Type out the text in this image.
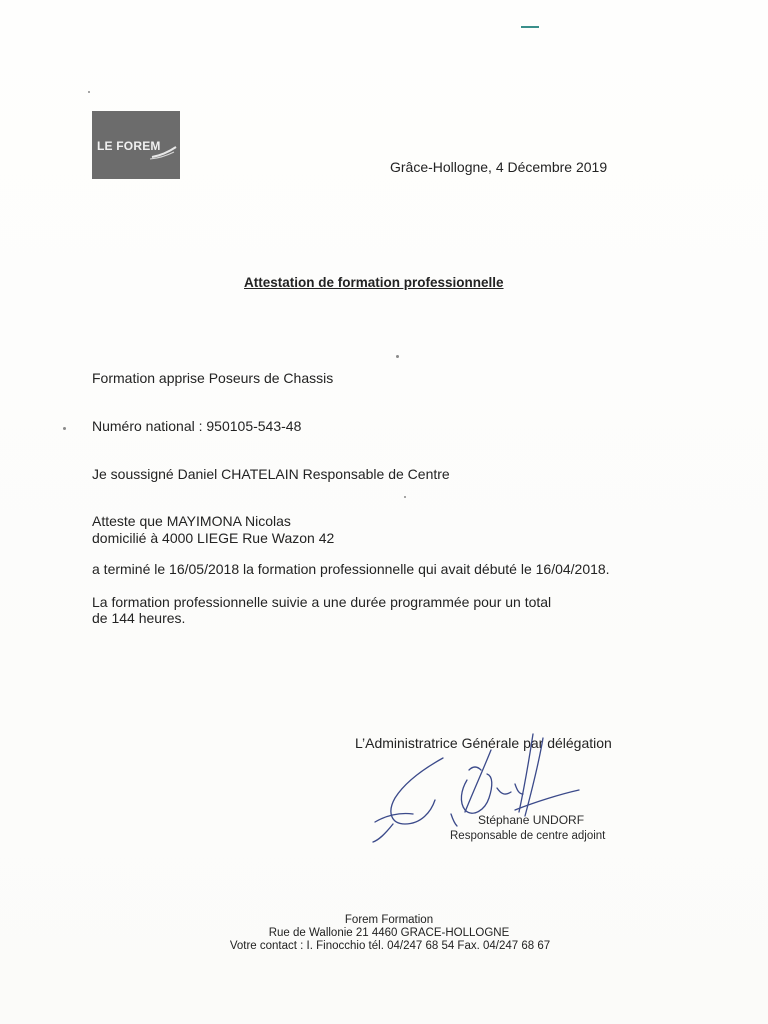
LE FOREM
Grâce-Hollogne, 4 Décembre 2019
Attestation de formation professionnelle
Formation apprise Poseurs de Chassis
Numéro national : 950105-543-48
Je soussigné Daniel CHATELAIN Responsable de Centre
Atteste que MAYIMONA Nicolas
domicilié à 4000 LIEGE Rue Wazon 42
a terminé le 16/05/2018 la formation professionnelle qui avait débuté le 16/04/2018.
La formation professionnelle suivie a une durée programmée pour un total
de 144 heures.
L’Administratrice Générale par délégation
Stéphane UNDORF
Responsable de centre adjoint
Forem Formation
Rue de Wallonie 21 4460 GRACE-HOLLOGNE
Votre contact : I. Finocchio tél. 04/247 68 54 Fax. 04/247 68 67
